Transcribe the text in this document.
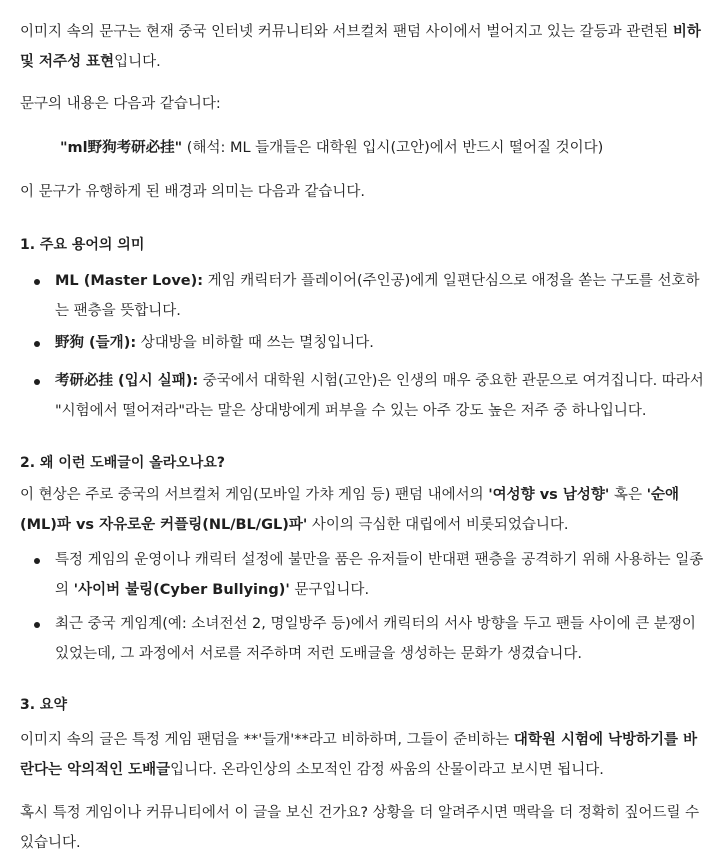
이미지 속의 문구는 현재 중국 인터넷 커뮤니티와 서브컬처 팬덤 사이에서 벌어지고 있는 갈등과 관련된 비하 및 저주성 표현입니다.

문구의 내용은 다음과 같습니다:

"ml野狗考研必挂" (해석: ML 들개들은 대학원 입시(고안)에서 반드시 떨어질 것이다)

이 문구가 유행하게 된 배경과 의미는 다음과 같습니다.

1. 주요 용어의 의미

ML (Master Love): 게임 캐릭터가 플레이어(주인공)에게 일편단심으로 애정을 쏟는 구도를 선호하는 팬층을 뜻합니다.
野狗 (들개): 상대방을 비하할 때 쓰는 멸칭입니다.
考研必挂 (입시 실패): 중국에서 대학원 시험(고안)은 인생의 매우 중요한 관문으로 여겨집니다. 따라서 "시험에서 떨어져라"라는 말은 상대방에게 퍼부을 수 있는 아주 강도 높은 저주 중 하나입니다.

2. 왜 이런 도배글이 올라오나요?

이 현상은 주로 중국의 서브컬처 게임(모바일 가챠 게임 등) 팬덤 내에서의 '여성향 vs 남성향' 혹은 '순애(ML)파 vs 자유로운 커플링(NL/BL/GL)파' 사이의 극심한 대립에서 비롯되었습니다.

특정 게임의 운영이나 캐릭터 설정에 불만을 품은 유저들이 반대편 팬층을 공격하기 위해 사용하는 일종의 '사이버 불링(Cyber Bullying)' 문구입니다.
최근 중국 게임계(예: 소녀전선 2, 명일방주 등)에서 캐릭터의 서사 방향을 두고 팬들 사이에 큰 분쟁이 있었는데, 그 과정에서 서로를 저주하며 저런 도배글을 생성하는 문화가 생겼습니다.

3. 요약

이미지 속의 글은 특정 게임 팬덤을 **'들개'**라고 비하하며, 그들이 준비하는 대학원 시험에 낙방하기를 바란다는 악의적인 도배글입니다. 온라인상의 소모적인 감정 싸움의 산물이라고 보시면 됩니다.

혹시 특정 게임이나 커뮤니티에서 이 글을 보신 건가요? 상황을 더 알려주시면 맥락을 더 정확히 짚어드릴 수 있습니다.
